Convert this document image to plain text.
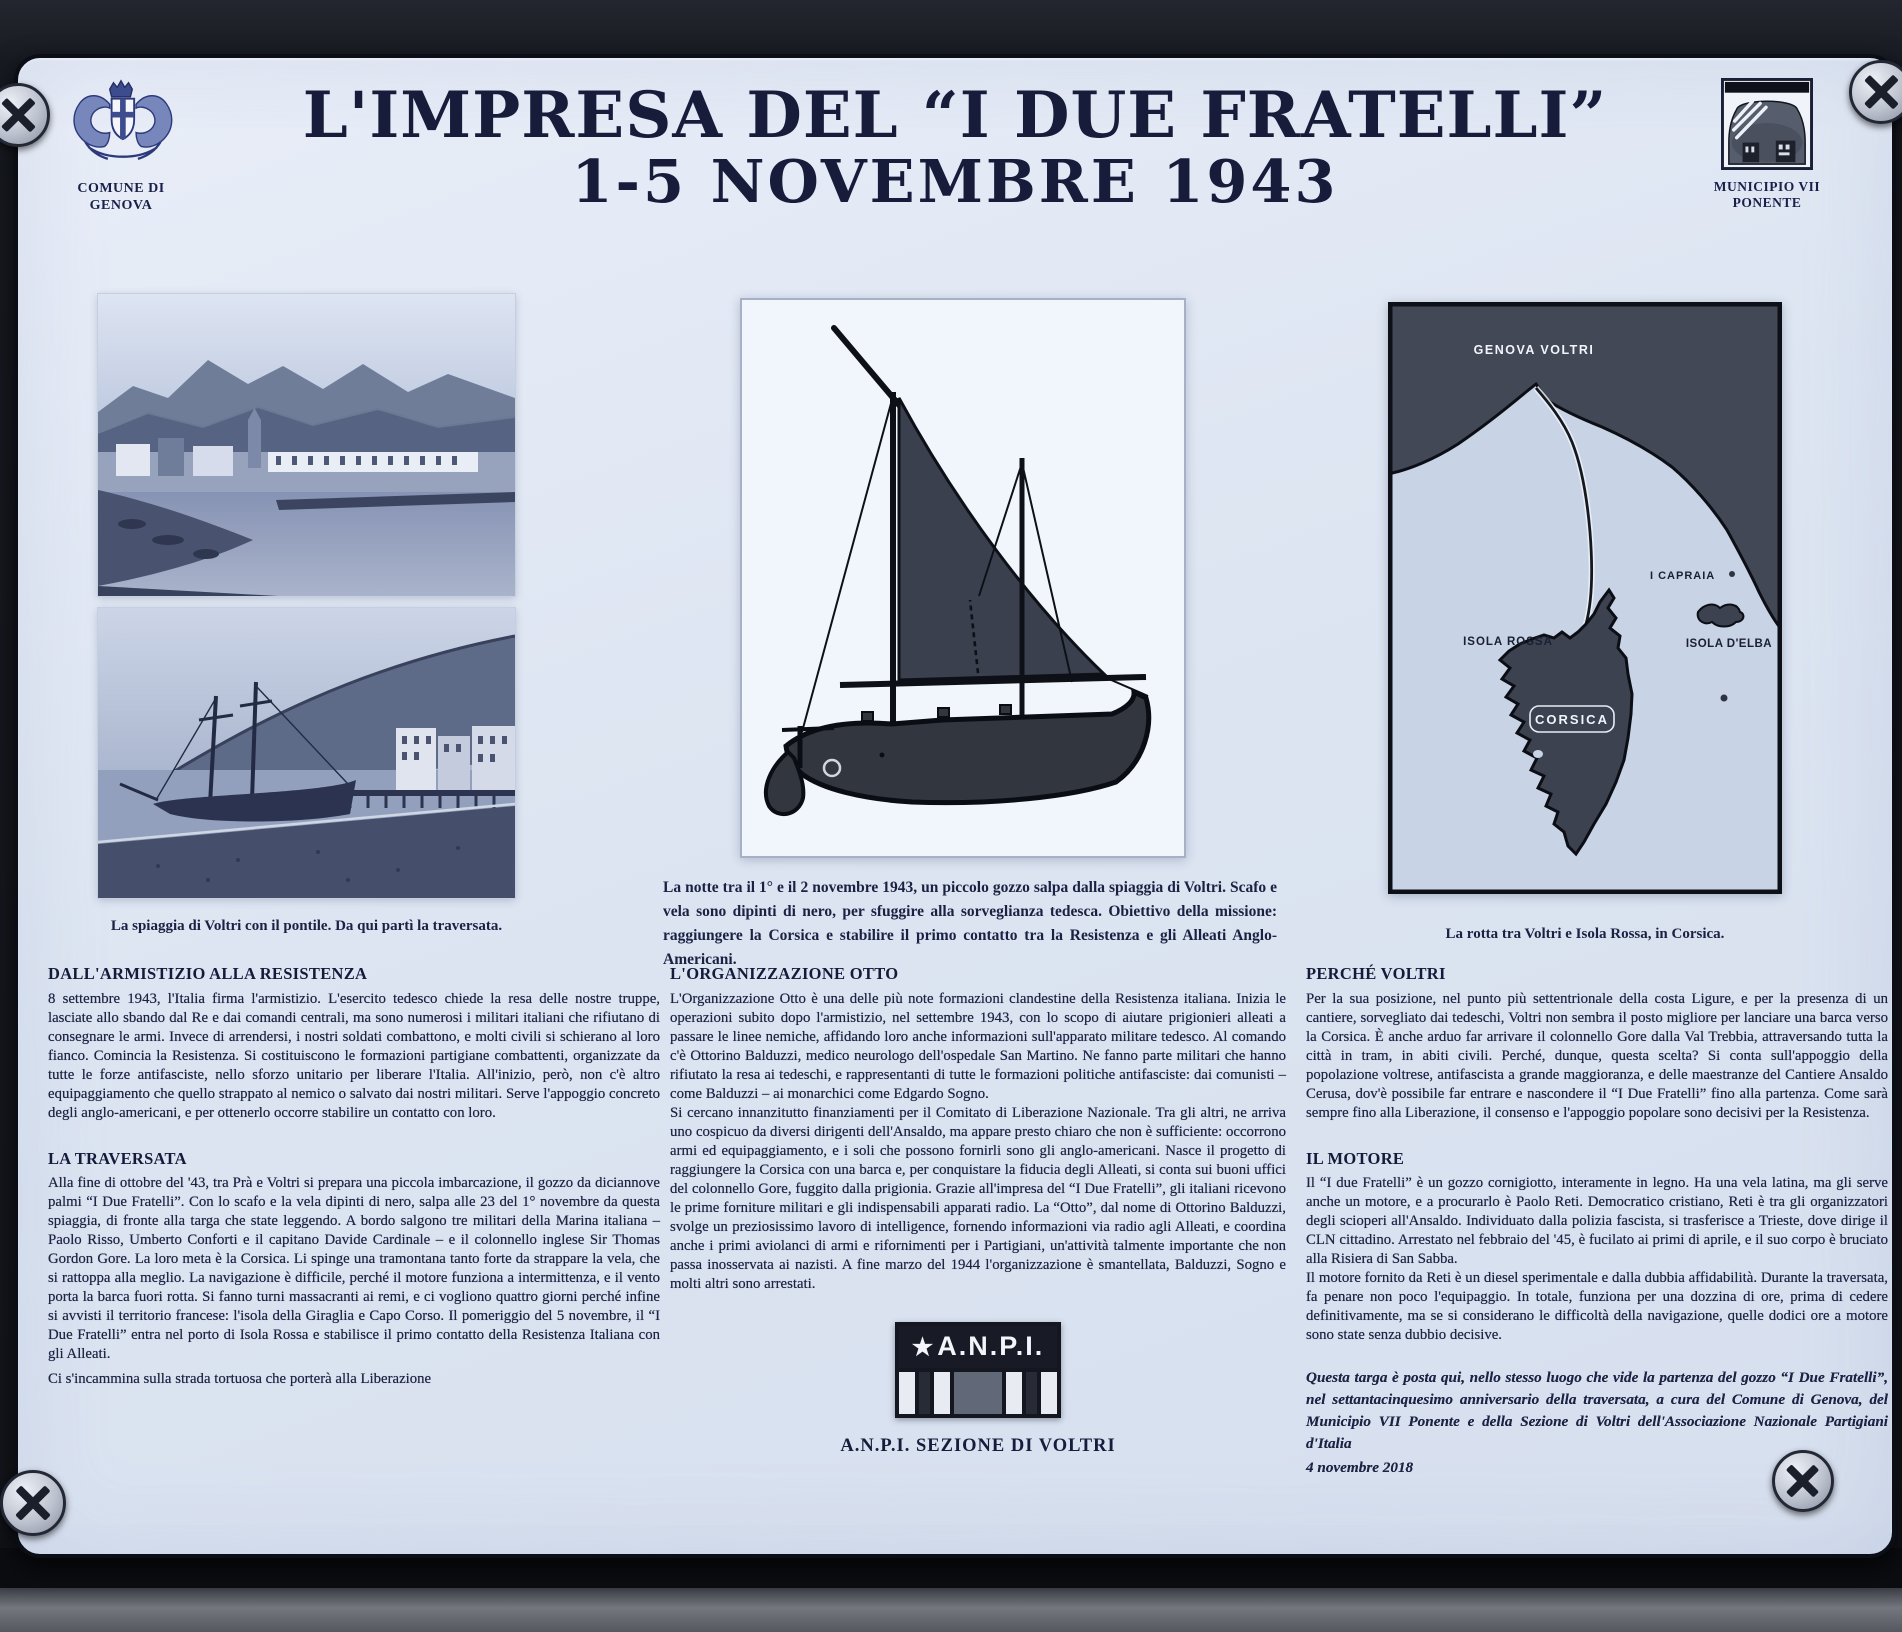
COMUNE DI GENOVA
L'IMPRESA DEL “I DUE FRATELLI”
1-5 NOVEMBRE 1943	MUNICIPIO VII PONENTE
La spiaggia di Voltri con il pontile. Da qui partì la traversata.
La notte tra il 1° e il 2 novembre 1943, un piccolo gozzo salpa dalla spiaggia di Voltri. Scafo e vela sono dipinti di nero, per sfuggire alla sorveglianza tedesca. Obiettivo della missione: raggiungere la Corsica e stabilire il primo contatto tra la Resistenza e gli Alleati Anglo-Americani.
GENOVA VOLTRI
I CAPRAIA
ISOLA ROSSA	ISOLA D'ELBA
CORSICA
La rotta tra Voltri e Isola Rossa, in Corsica.
DALL'ARMISTIZIO ALLA RESISTENZA

8 settembre 1943, l'Italia firma l'armistizio. L'esercito tedesco chiede la resa delle nostre truppe, lasciate allo sbando dal Re e dai comandi centrali, ma sono numerosi i militari italiani che rifiutano di consegnare le armi. Invece di arrendersi, i nostri soldati combattono, e molti civili si schierano al loro fianco. Comincia la Resistenza. Si costituiscono le formazioni partigiane combattenti, organizzate da tutte le forze antifasciste, nello sforzo unitario per liberare l'Italia. All'inizio, però, non c'è altro equipaggiamento che quello strappato al nemico o salvato dai nostri militari. Serve l'appoggio concreto degli anglo-americani, e per ottenerlo occorre stabilire un contatto con loro.

LA TRAVERSATA

Alla fine di ottobre del '43, tra Prà e Voltri si prepara una piccola imbarcazione, il gozzo da diciannove palmi “I Due Fratelli”. Con lo scafo e la vela dipinti di nero, salpa alle 23 del 1° novembre da questa spiaggia, di fronte alla targa che state leggendo. A bordo salgono tre militari della Marina italiana – Paolo Risso, Umberto Conforti e il capitano Davide Cardinale – e il colonnello inglese Sir Thomas Gordon Gore. La loro meta è la Corsica. Li spinge una tramontana tanto forte da strappare la vela, che si rattoppa alla meglio. La navigazione è difficile, perché il motore funziona a intermittenza, e il vento porta la barca fuori rotta. Si fanno turni massacranti ai remi, e ci vogliono quattro giorni perché infine si avvisti il territorio francese: l'isola della Giraglia e Capo Corso. Il pomeriggio del 5 novembre, il “I Due Fratelli” entra nel porto di Isola Rossa e stabilisce il primo contatto della Resistenza Italiana con gli Alleati.

Ci s'incammina sulla strada tortuosa che porterà alla Liberazione

L'ORGANIZZAZIONE OTTO

L'Organizzazione Otto è una delle più note formazioni clandestine della Resistenza italiana. Inizia le operazioni subito dopo l'armistizio, nel settembre 1943, con lo scopo di aiutare prigionieri alleati a passare le linee nemiche, affidando loro anche informazioni sull'apparato militare tedesco. Al comando c'è Ottorino Balduzzi, medico neurologo dell'ospedale San Martino. Ne fanno parte militari che hanno rifiutato la resa ai tedeschi, e rappresentanti di tutte le formazioni politiche antifasciste: dai comunisti – come Balduzzi – ai monarchici come Edgardo Sogno.

Si cercano innanzitutto finanziamenti per il Comitato di Liberazione Nazionale. Tra gli altri, ne arriva uno cospicuo da diversi dirigenti dell'Ansaldo, ma appare presto chiaro che non è sufficiente: occorrono armi ed equipaggiamento, e i soli che possono fornirli sono gli anglo-americani. Nasce il progetto di raggiungere la Corsica con una barca e, per conquistare la fiducia degli Alleati, si conta sui buoni uffici del colonnello Gore, fuggito dalla prigionia. Grazie all'impresa del “I Due Fratelli”, gli italiani ricevono le prime forniture militari e gli indispensabili apparati radio. La “Otto”, dal nome di Ottorino Balduzzi, svolge un preziosissimo lavoro di intelligence, fornendo informazioni via radio agli Alleati, e coordina anche i primi aviolanci di armi e rifornimenti per i Partigiani, un'attività talmente importante che non passa inosservata ai nazisti. A fine marzo del 1944 l'organizzazione è smantellata, Balduzzi, Sogno e molti altri sono arrestati.

★A.N.P.I.
A.N.P.I. SEZIONE DI VOLTRI
PERCHÉ VOLTRI

Per la sua posizione, nel punto più settentrionale della costa Ligure, e per la presenza di un cantiere, sorvegliato dai tedeschi, Voltri non sembra il posto migliore per lanciare una barca verso la Corsica. È anche arduo far arrivare il colonnello Gore dalla Val Trebbia, attraversando tutta la città in tram, in abiti civili. Perché, dunque, questa scelta? Si conta sull'appoggio della popolazione voltrese, antifascista a grande maggioranza, e delle maestranze del Cantiere Ansaldo Cerusa, dov'è possibile far entrare e nascondere il “I Due Fratelli” fino alla partenza. Come sarà sempre fino alla Liberazione, il consenso e l'appoggio popolare sono decisivi per la Resistenza.

IL MOTORE

Il “I due Fratelli” è un gozzo cornigiotto, interamente in legno. Ha una vela latina, ma gli serve anche un motore, e a procurarlo è Paolo Reti. Democratico cristiano, Reti è tra gli organizzatori degli scioperi all'Ansaldo. Individuato dalla polizia fascista, si trasferisce a Trieste, dove dirige il CLN cittadino. Arrestato nel febbraio del '45, è fucilato ai primi di aprile, e il suo corpo è bruciato alla Risiera di San Sabba.

Il motore fornito da Reti è un diesel sperimentale e dalla dubbia affidabilità. Durante la traversata, fa penare non poco l'equipaggio. In totale, funziona per una dozzina di ore, prima di cedere definitivamente, ma se si considerano le difficoltà della navigazione, quelle dodici ore a motore sono state senza dubbio decisive.

Questa targa è posta qui, nello stesso luogo che vide la partenza del gozzo “I Due Fratelli”, nel settantacinquesimo anniversario della traversata, a cura del Comune di Genova, del Municipio VII Ponente e della Sezione di Voltri dell'Associazione Nazionale Partigiani d'Italia
4 novembre 2018
